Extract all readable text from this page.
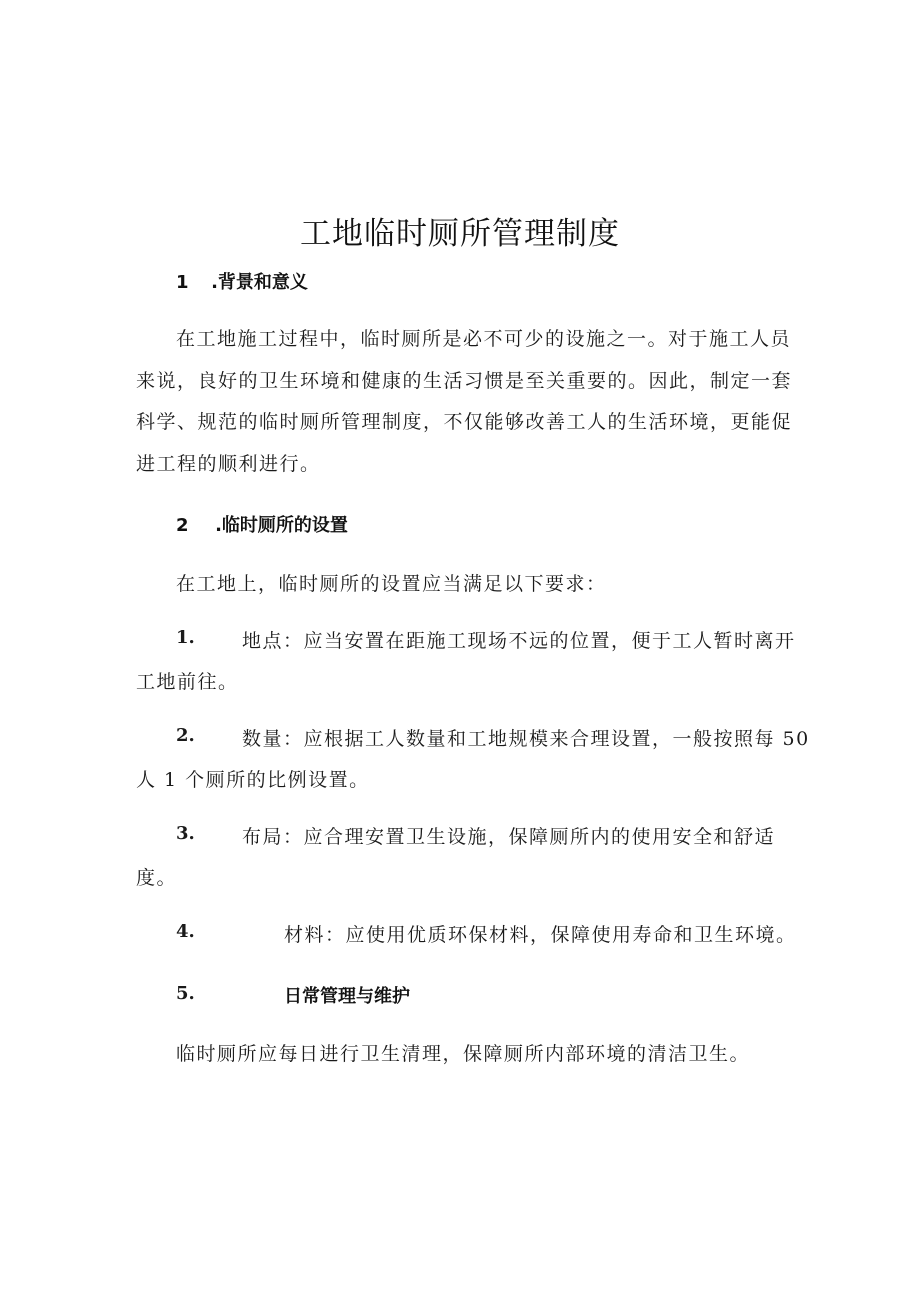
工地临时厕所管理制度
1 .背景和意义
在工地施工过程中，临时厕所是必不可少的设施之一。对于施工人员
来说，良好的卫生环境和健康的生活习惯是至关重要的。因此，制定一套
科学、规范的临时厕所管理制度，不仅能够改善工人的生活环境，更能促
进工程的顺利进行。
2 .临时厕所的设置
在工地上，临时厕所的设置应当满足以下要求：
1. 地点：应当安置在距施工现场不远的位置，便于工人暂时离开
工地前往。
2. 数量：应根据工人数量和工地规模来合理设置，一般按照每 50
人 1 个厕所的比例设置。
3. 布局：应合理安置卫生设施，保障厕所内的使用安全和舒适
度。
4.	材料：应使用优质环保材料，保障使用寿命和卫生环境。
5.	日常管理与维护
临时厕所应每日进行卫生清理，保障厕所内部环境的清洁卫生。
